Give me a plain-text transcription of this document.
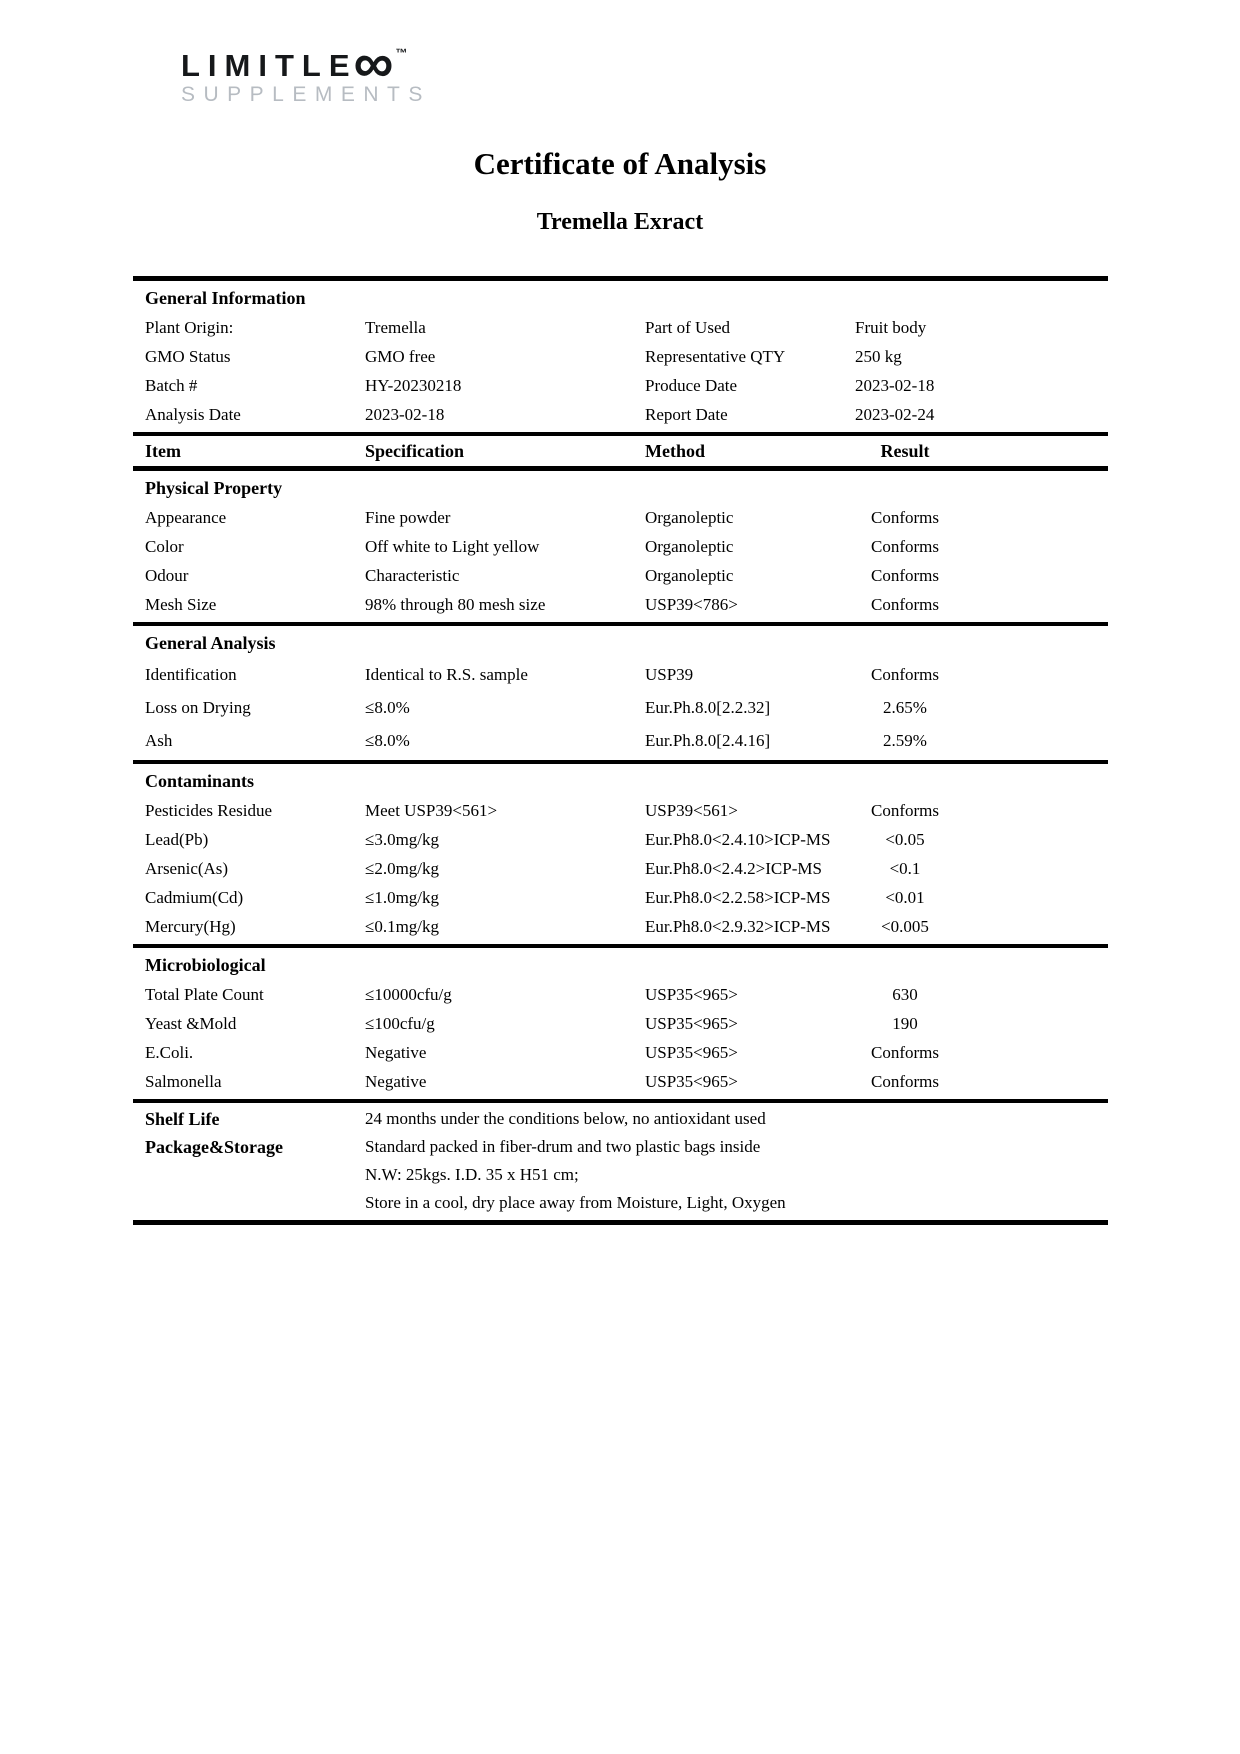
LIMITLE
∞ ™
SUPPLEMENTS
Certificate of Analysis
Tremella Exract
General Information
Plant Origin:	Tremella	Part of Used	Fruit body
GMO Status	GMO free	Representative QTY	250 kg
Batch #	HY-20230218	Produce Date	2023-02-18
Analysis Date	2023-02-18	Report Date	2023-02-24
Item	Specification	Method	Result
Physical Property
Appearance	Fine powder	Organoleptic	Conforms
Color	Off white to Light yellow	Organoleptic	Conforms
Odour	Characteristic	Organoleptic	Conforms
Mesh Size	98% through 80 mesh size	USP39<786>	Conforms
General Analysis
Identification	Identical to R.S. sample	USP39	Conforms
Loss on Drying	≤8.0%	Eur.Ph.8.0[2.2.32]	2.65%
Ash	≤8.0%	Eur.Ph.8.0[2.4.16]	2.59%
Contaminants
Pesticides Residue	Meet USP39<561>	USP39<561>	Conforms
Lead(Pb)	≤3.0mg/kg	Eur.Ph8.0<2.4.10>ICP-MS	<0.05
Arsenic(As)	≤2.0mg/kg	Eur.Ph8.0<2.4.2>ICP-MS	<0.1
Cadmium(Cd)	≤1.0mg/kg	Eur.Ph8.0<2.2.58>ICP-MS	<0.01
Mercury(Hg)	≤0.1mg/kg	Eur.Ph8.0<2.9.32>ICP-MS	<0.005
Microbiological
Total Plate Count	≤10000cfu/g	USP35<965>	630
Yeast &Mold	≤100cfu/g	USP35<965>	190
E.Coli.	Negative	USP35<965>	Conforms
Salmonella	Negative	USP35<965>	Conforms
Shelf Life	24 months under the conditions below, no antioxidant used
Package&Storage	Standard packed in fiber-drum and two plastic bags inside
N.W: 25kgs. I.D. 35 x H51 cm;
Store in a cool, dry place away from Moisture, Light, Oxygen
